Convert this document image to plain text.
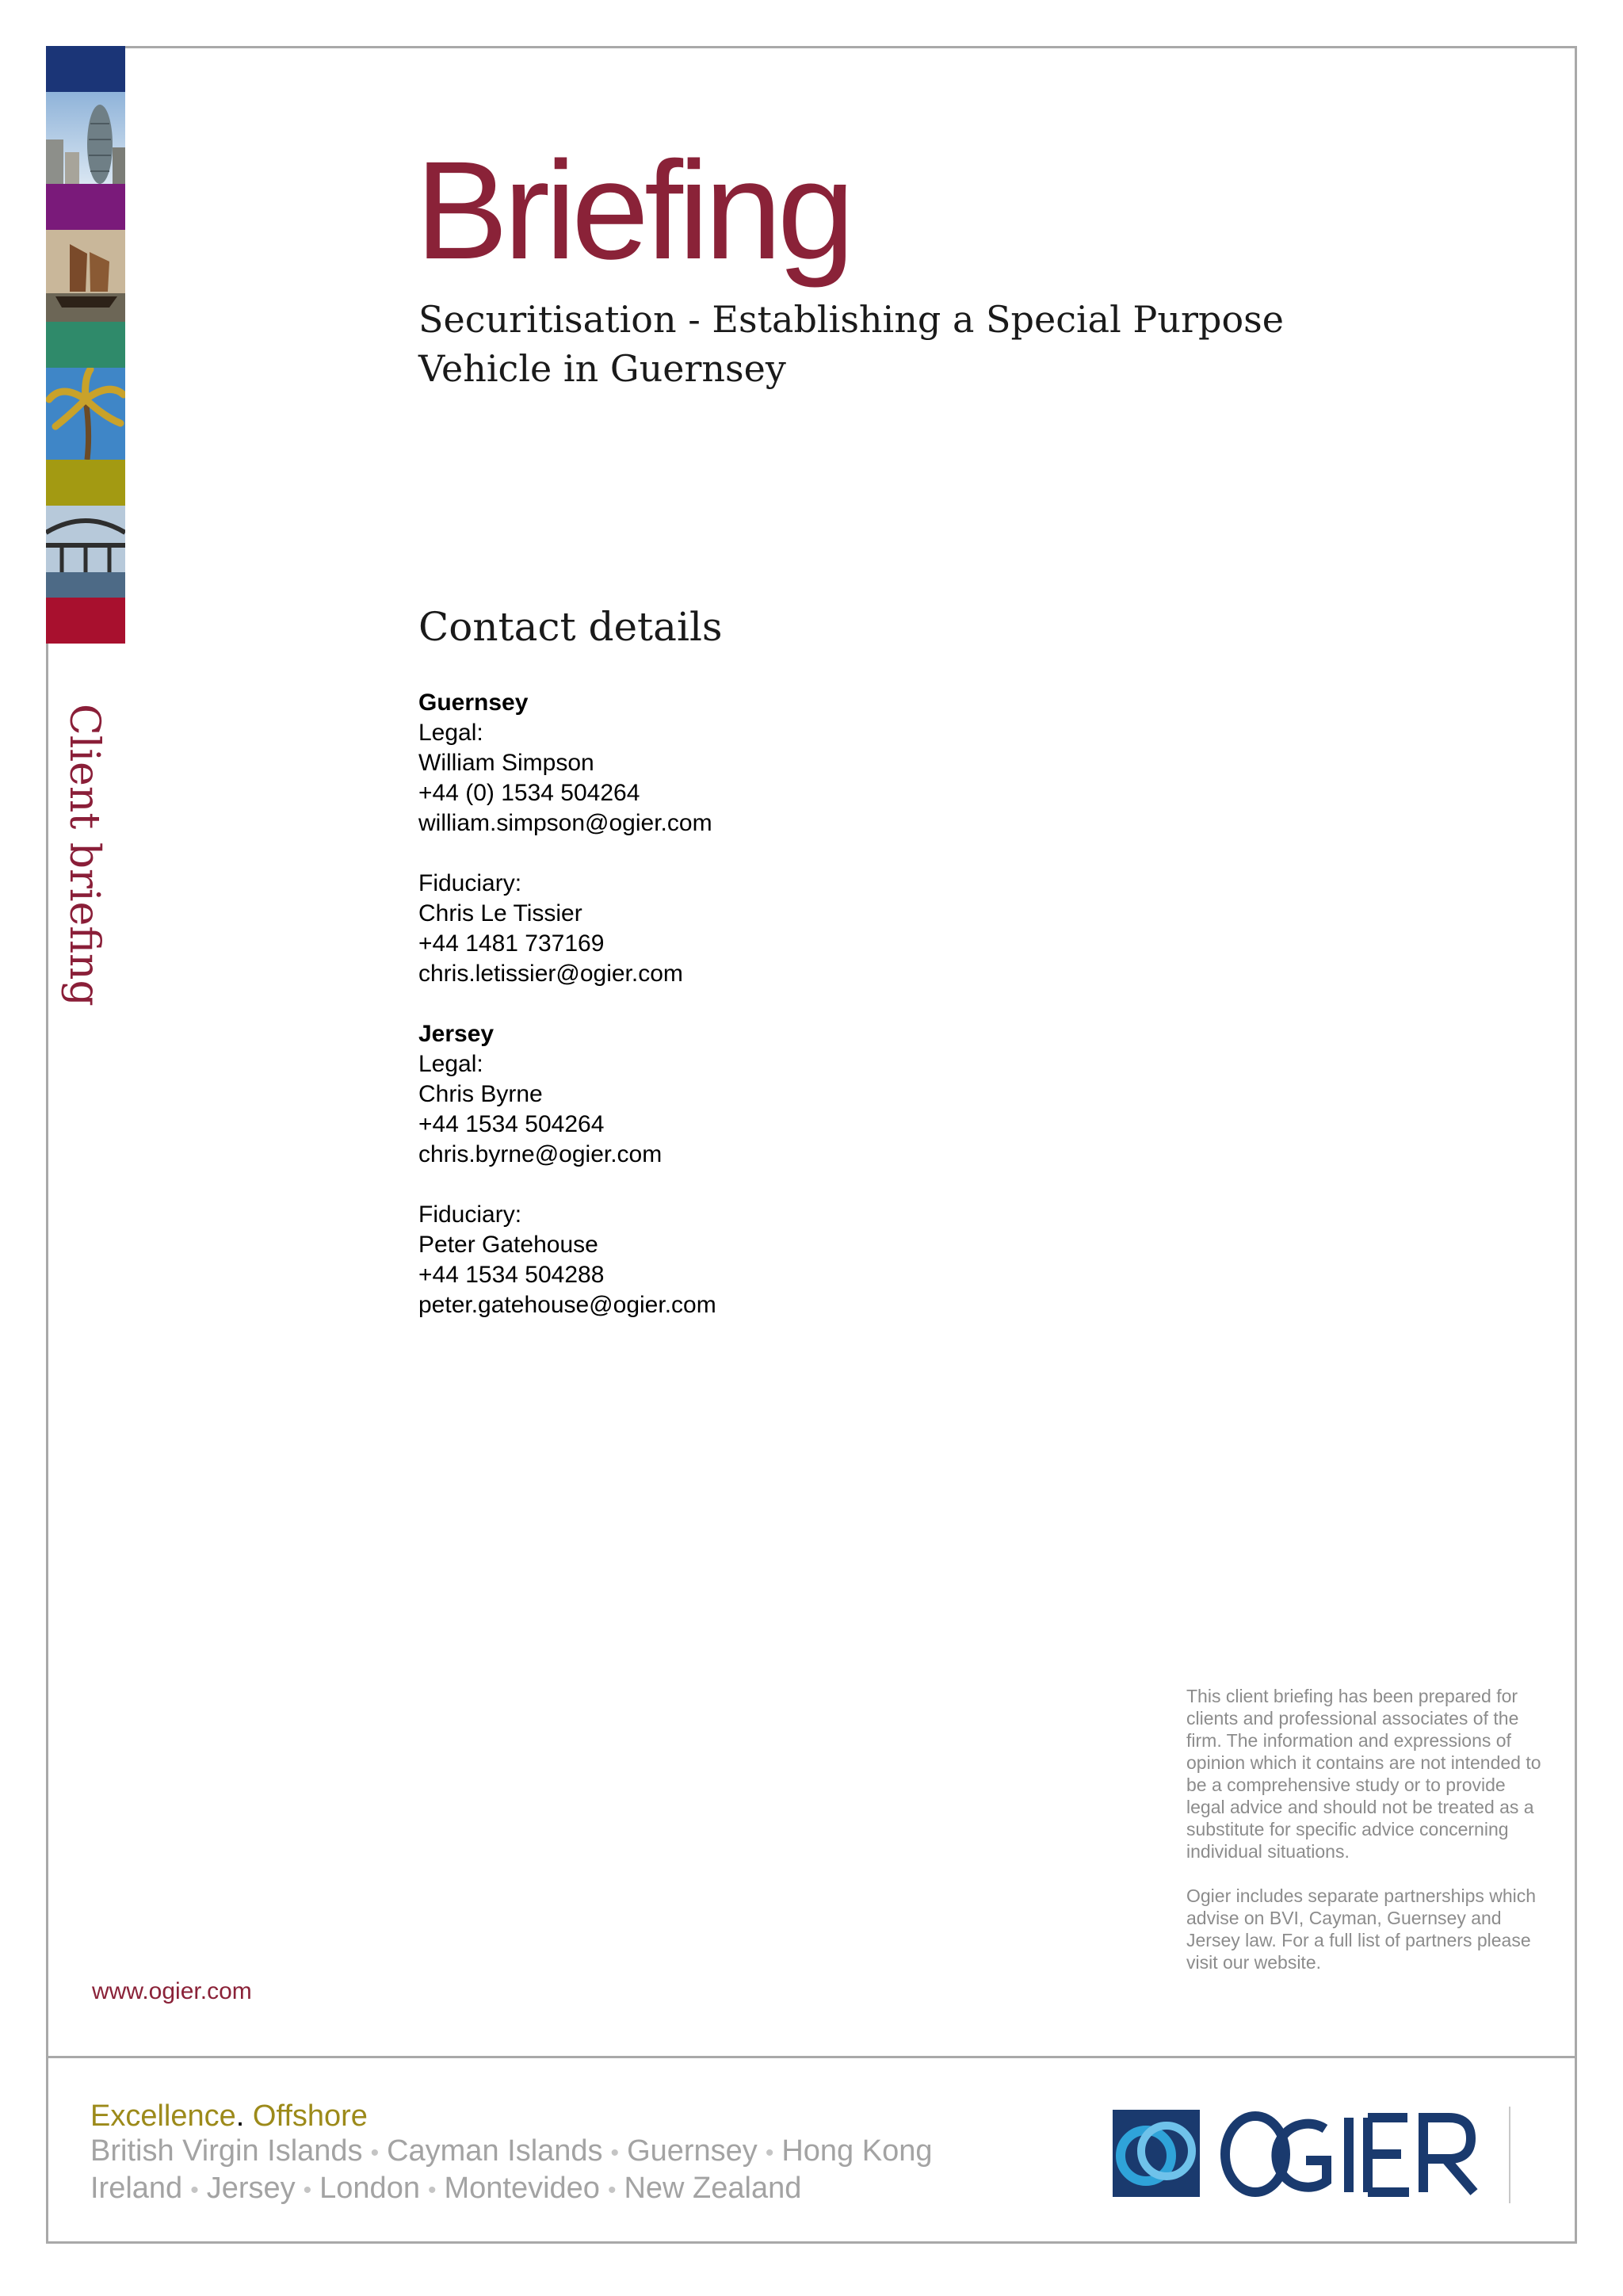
Client briefing
Briefing
Securitisation - Establishing a Special Purpose Vehicle in Guernsey
Contact details
Guernsey
Legal:
William Simpson
+44 (0) 1534 504264
william.simpson@ogier.com
Fiduciary:
Chris Le Tissier
+44 1481 737169
chris.letissier@ogier.com
Jersey
Legal:
Chris Byrne
+44 1534 504264
chris.byrne@ogier.com
Fiduciary:
Peter Gatehouse
+44 1534 504288
peter.gatehouse@ogier.com

This client briefing has been prepared for clients and professional associates of the firm. The information and expressions of opinion which it contains are not intended to be a comprehensive study or to provide legal advice and should not be treated as a substitute for specific advice concerning individual situations.

Ogier includes separate partnerships which advise on BVI, Cayman, Guernsey and Jersey law. For a full list of partners please visit our website.

www.ogier.com
Excellence. Offshore
British Virgin Islands • Cayman Islands • Guernsey • Hong Kong
Ireland • Jersey • London • Montevideo • New Zealand
